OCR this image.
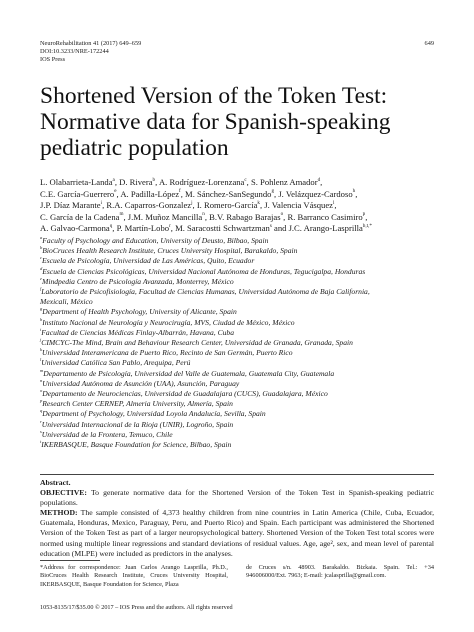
NeuroRehabilitation 41 (2017) 649–659
DOI:10.3233/NRE-172244
IOS Press
649
Shortened Version of the Token Test:
Normative data for Spanish-speaking
pediatric population
L. Olabarrieta-Landa$^a$, D. Rivera$^b$, A. Rodríguez-Lorenzana$^c$, S. Pohlenz Amador$^d$,
C.E. García-Guerrero$^e$, A. Padilla-López$^f$, M. Sánchez-SanSegundo$^g$, J. Velázquez-Cardoso$^h$,
J.P. Díaz Marante$^i$, R.A. Caparros-Gonzalez$^j$, I. Romero-García$^k$, J. Valencia Vásquez$^l$,
C. García de la Cadena$^m$, J.M. Muñoz Mancilla$^n$, B.V. Rabago Barajas$^o$, R. Barranco Casimiro$^p$,
A. Galvao-Carmona$^q$, P. Martín-Lobo$^r$, M. Saracostti Schwartzman$^s$ and J.C. Arango-Lasprilla$^{b,t,*}$
$^a$Faculty of Psychology and Education, University of Deusto, Bilbao, Spain
$^b$BioCruces Health Research Institute, Cruces University Hospital, Barakaldo, Spain
$^c$Escuela de Psicología, Universidad de Las Américas, Quito, Ecuador
$^d$Escuela de Ciencias Psicológicas, Universidad Nacional Autónoma de Honduras, Tegucigalpa, Honduras
$^e$Mindpedia Centro de Psicología Avanzada, Monterrey, México
$^f$Laboratorio de Psicofisiología, Facultad de Ciencias Humanas, Universidad Autónoma de Baja California,
Mexicali, México
$^g$Department of Health Psychology, University of Alicante, Spain
$^h$Instituto Nacional de Neurología y Neurocirugía, MVS, Ciudad de México, México
$^i$Facultad de Ciencias Médicas Finlay-Albarrán, Havana, Cuba
$^j$CIMCYC-The Mind, Brain and Behaviour Research Center, Universidad de Granada, Granada, Spain
$^k$Universidad Interamericana de Puerto Rico, Recinto de San Germán, Puerto Rico
$^l$Universidad Católica San Pablo, Arequipa, Perú
$^m$Departamento de Psicología, Universidad del Valle de Guatemala, Guatemala City, Guatemala
$^n$Universidad Autónoma de Asunción (UAA), Asunción, Paraguay
$^o$Departamento de Neurociencias, Universidad de Guadalajara (CUCS), Guadalajara, México
$^p$Research Center CERNEP, Almeria University, Almería, Spain
$^q$Department of Psychology, Universidad Loyola Andalucía, Sevilla, Spain
$^r$Universidad Internacional de la Rioja (UNIR), Logroño, Spain
$^s$Universidad de la Frontera, Temuco, Chile
$^t$IKERBASQUE, Basque Foundation for Science, Bilbao, Spain
Abstract.
OBJECTIVE: To generate normative data for the Shortened Version of the Token Test in Spanish-speaking pediatric populations.
METHOD: The sample consisted of 4,373 healthy children from nine countries in Latin America (Chile, Cuba, Ecuador, Guatemala, Honduras, Mexico, Paraguay, Peru, and Puerto Rico) and Spain. Each participant was administered the Shortened Version of the Token Test as part of a larger neuropsychological battery. Shortened Version of the Token Test total scores were normed using multiple linear regressions and standard deviations of residual values. Age, age², sex, and mean level of parental education (MLPE) were included as predictors in the analyses.
*Address for correspondence: Juan Carlos Arango Lasprilla, Ph.D., BioCruces Health Research Institute, Cruces University Hospital, IKERBASQUE, Basque Foundation for Science, Plaza
de Cruces s/n. 48903. Barakaldo. Bizkaia. Spain. Tel.: +34 946006000/Ext. 7963; E-mail: jcalasprilla@gmail.com.
1053-8135/17/$35.00 © 2017 – IOS Press and the authors. All rights reserved
